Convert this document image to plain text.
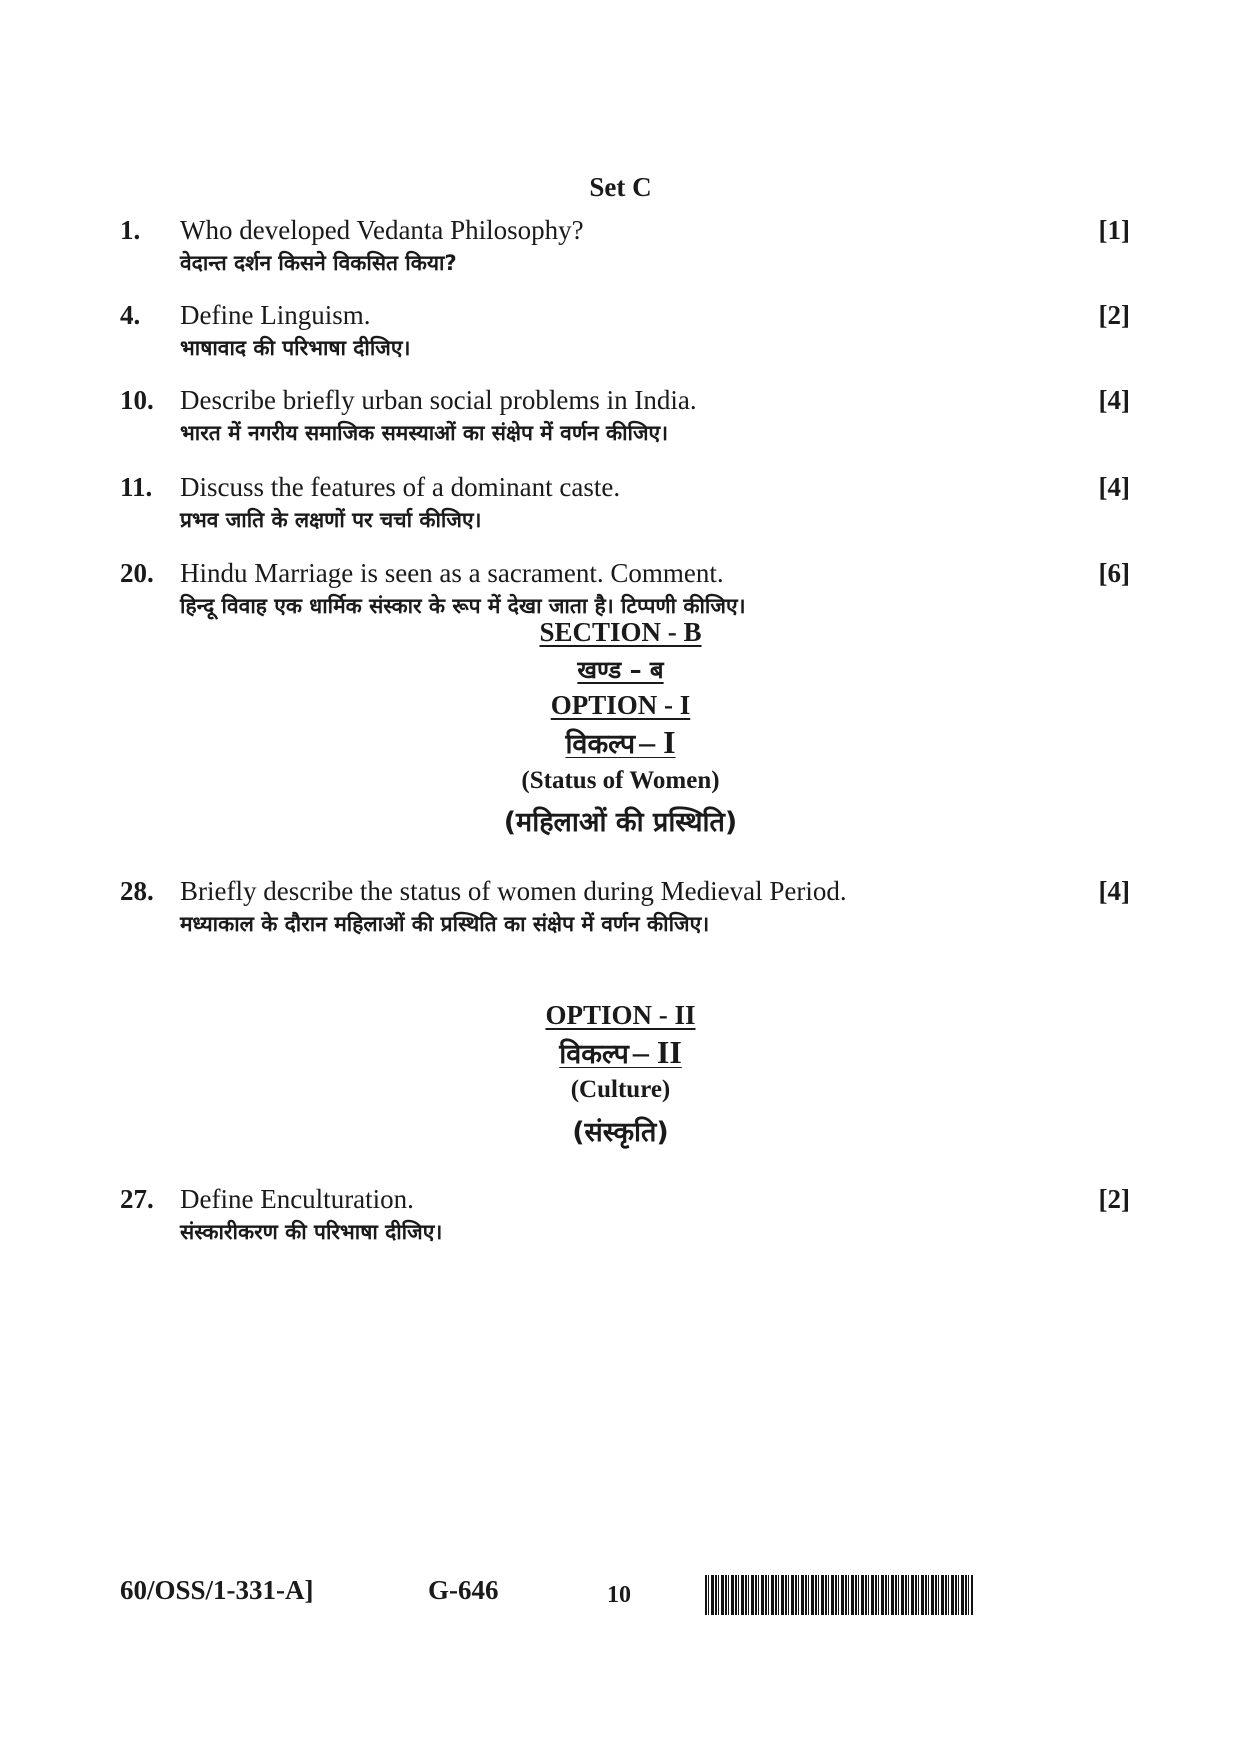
Set C
1. Who developed Vedanta Philosophy?
वेदान्त दर्शन किसने विकसित किया?
[1]
4. Define Linguism.
भाषावाद की परिभाषा दीजिए।
[2]
10. Describe briefly urban social problems in India.
भारत में नगरीय समाजिक समस्याओं का संक्षेप में वर्णन कीजिए।
[4]
11. Discuss the features of a dominant caste.
प्रभव जाति के लक्षणों पर चर्चा कीजिए।
[4]
20. Hindu Marriage is seen as a sacrament. Comment.
हिन्दू विवाह एक धार्मिक संस्कार के रूप में देखा जाता है। टिप्पणी कीजिए।
[6]
SECTION - B
खण्ड – ब
OPTION - I
विकल्प – I
(Status of Women)
(महिलाओं की प्रस्थिति)
28. Briefly describe the status of women during Medieval Period.
मध्याकाल के दौरान महिलाओं की प्रस्थिति का संक्षेप में वर्णन कीजिए।
[4]
OPTION - II
विकल्प – II
(Culture)
(संस्कृति)
27. Define Enculturation.
संस्कारीकरण की परिभाषा दीजिए।
[2]
60/OSS/1-331-A]	G-646	10
